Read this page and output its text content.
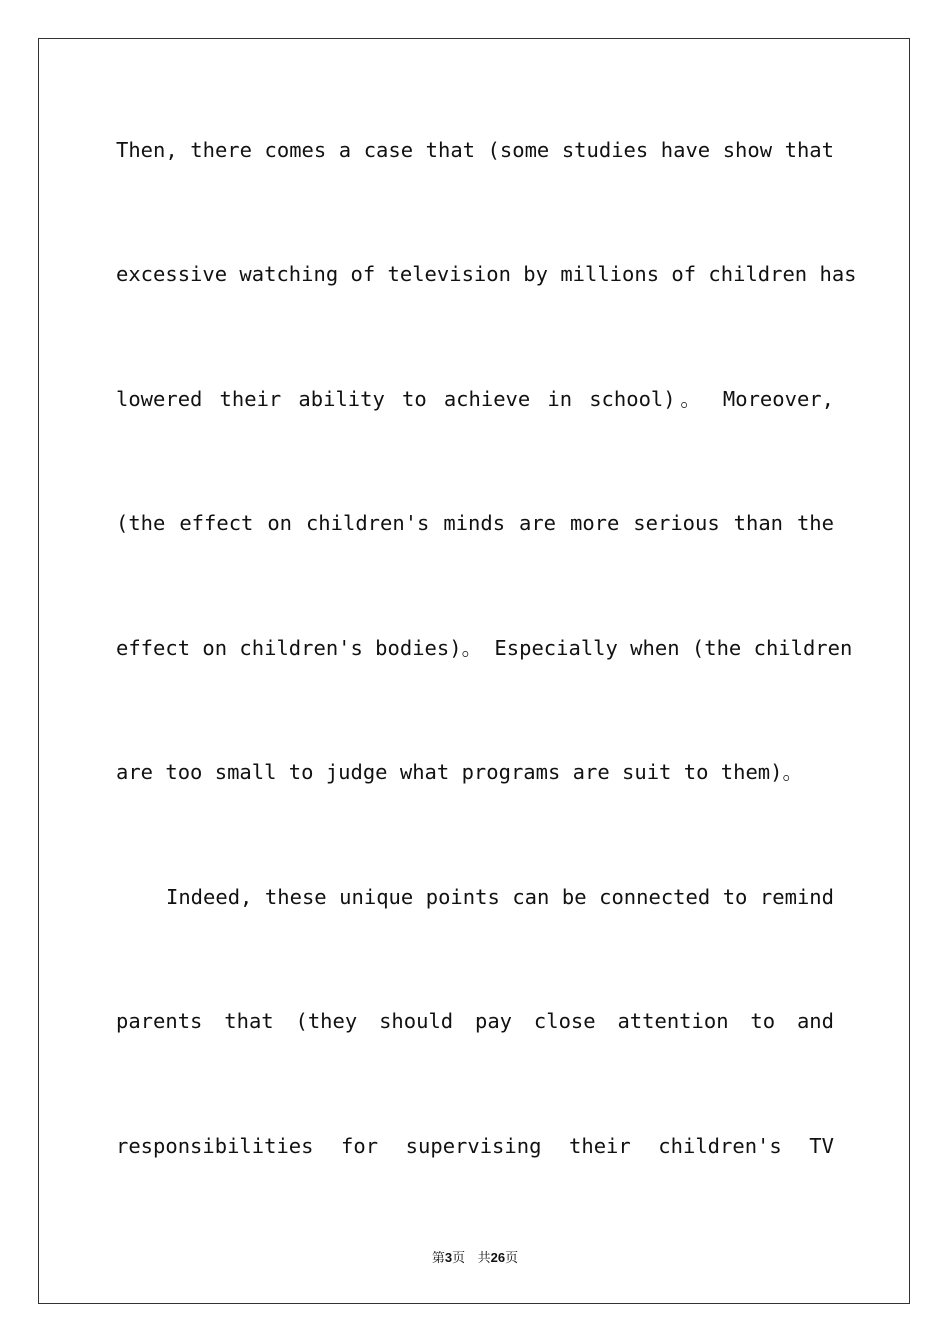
Then, there comes a case that (some studies have show that
excessive watching of television by millions of children has
lowered their ability to achieve in school)。 Moreover,
(the effect on children's minds are more serious than the
effect on children's bodies)。 Especially when (the children
are too small to judge what programs are suit to them)。
Indeed, these unique points can be connected to remind
parents that (they should pay close attention to and
responsibilities for supervising their children's TV
第3页 共26页
